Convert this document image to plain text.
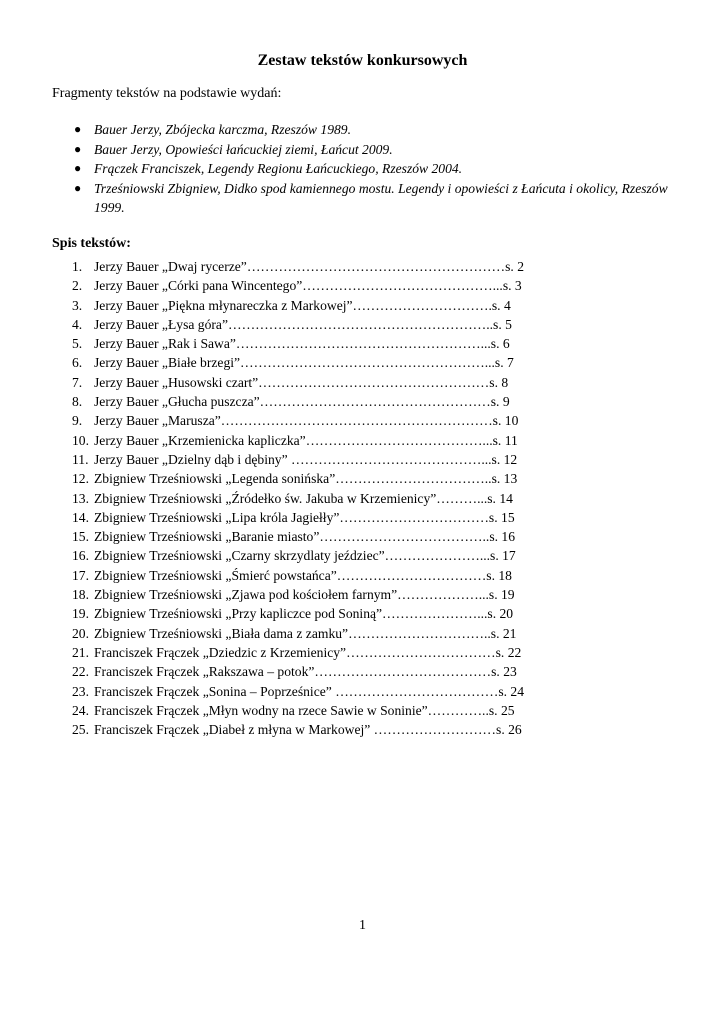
Zestaw tekstów konkursowych
Fragmenty tekstów na podstawie wydań:
● Bauer Jerzy, Zbójecka karczma, Rzeszów 1989.
● Bauer Jerzy, Opowieści łańcuckiej ziemi, Łańcut 2009.
● Frączek Franciszek, Legendy Regionu Łańcuckiego, Rzeszów 2004.
● Trześniowski Zbigniew, Didko spod kamiennego mostu. Legendy i opowieści z Łańcuta i okolicy, Rzeszów 1999.
Spis tekstów:
1. Jerzy Bauer „Dwaj rycerze”…………………………………………………s. 2
2. Jerzy Bauer „Córki pana Wincentego”……………………………………...s. 3
3. Jerzy Bauer „Piękna młynareczka z Markowej”………………………….s. 4
4. Jerzy Bauer „Łysa góra”…………………………………………………..s. 5
5. Jerzy Bauer „Rak i Sawa”………………………………………………...s. 6
6. Jerzy Bauer „Białe brzegi”………………………………………………...s. 7
7. Jerzy Bauer „Husowski czart”……………………………………………s. 8
8. Jerzy Bauer „Głucha puszcza”……………………………………………s. 9
9. Jerzy Bauer „Marusza”……………………………………………………s. 10
10. Jerzy Bauer „Krzemienicka kapliczka”…………………………………...s. 11
11. Jerzy Bauer „Dzielny dąb i dębiny” ……………………………………...s. 12
12. Zbigniew Trześniowski „Legenda sonińska”……………………………..s. 13
13. Zbigniew Trześniowski „Źródełko św. Jakuba w Krzemienicy”………...s. 14
14. Zbigniew Trześniowski „Lipa króla Jagiełły”……………………………s. 15
15. Zbigniew Trześniowski „Baranie miasto”………………………………..s. 16
16. Zbigniew Trześniowski „Czarny skrzydlaty jeździec”…………………...s. 17
17. Zbigniew Trześniowski „Śmierć powstańca”……………………………s. 18
18. Zbigniew Trześniowski „Zjawa pod kościołem farnym”………………...s. 19
19. Zbigniew Trześniowski „Przy kapliczce pod Soniną”…………………...s. 20
20. Zbigniew Trześniowski „Biała dama z zamku”…………………………..s. 21
21. Franciszek Frączek „Dziedzic z Krzemienicy”……………………………s. 22
22. Franciszek Frączek „Rakszawa – potok”…………………………………s. 23
23. Franciszek Frączek „Sonina – Poprześnice” ………………………………s. 24
24. Franciszek Frączek „Młyn wodny na rzece Sawie w Soninie”…………..s. 25
25. Franciszek Frączek „Diabeł z młyna w Markowej” ………………………s. 26
1
